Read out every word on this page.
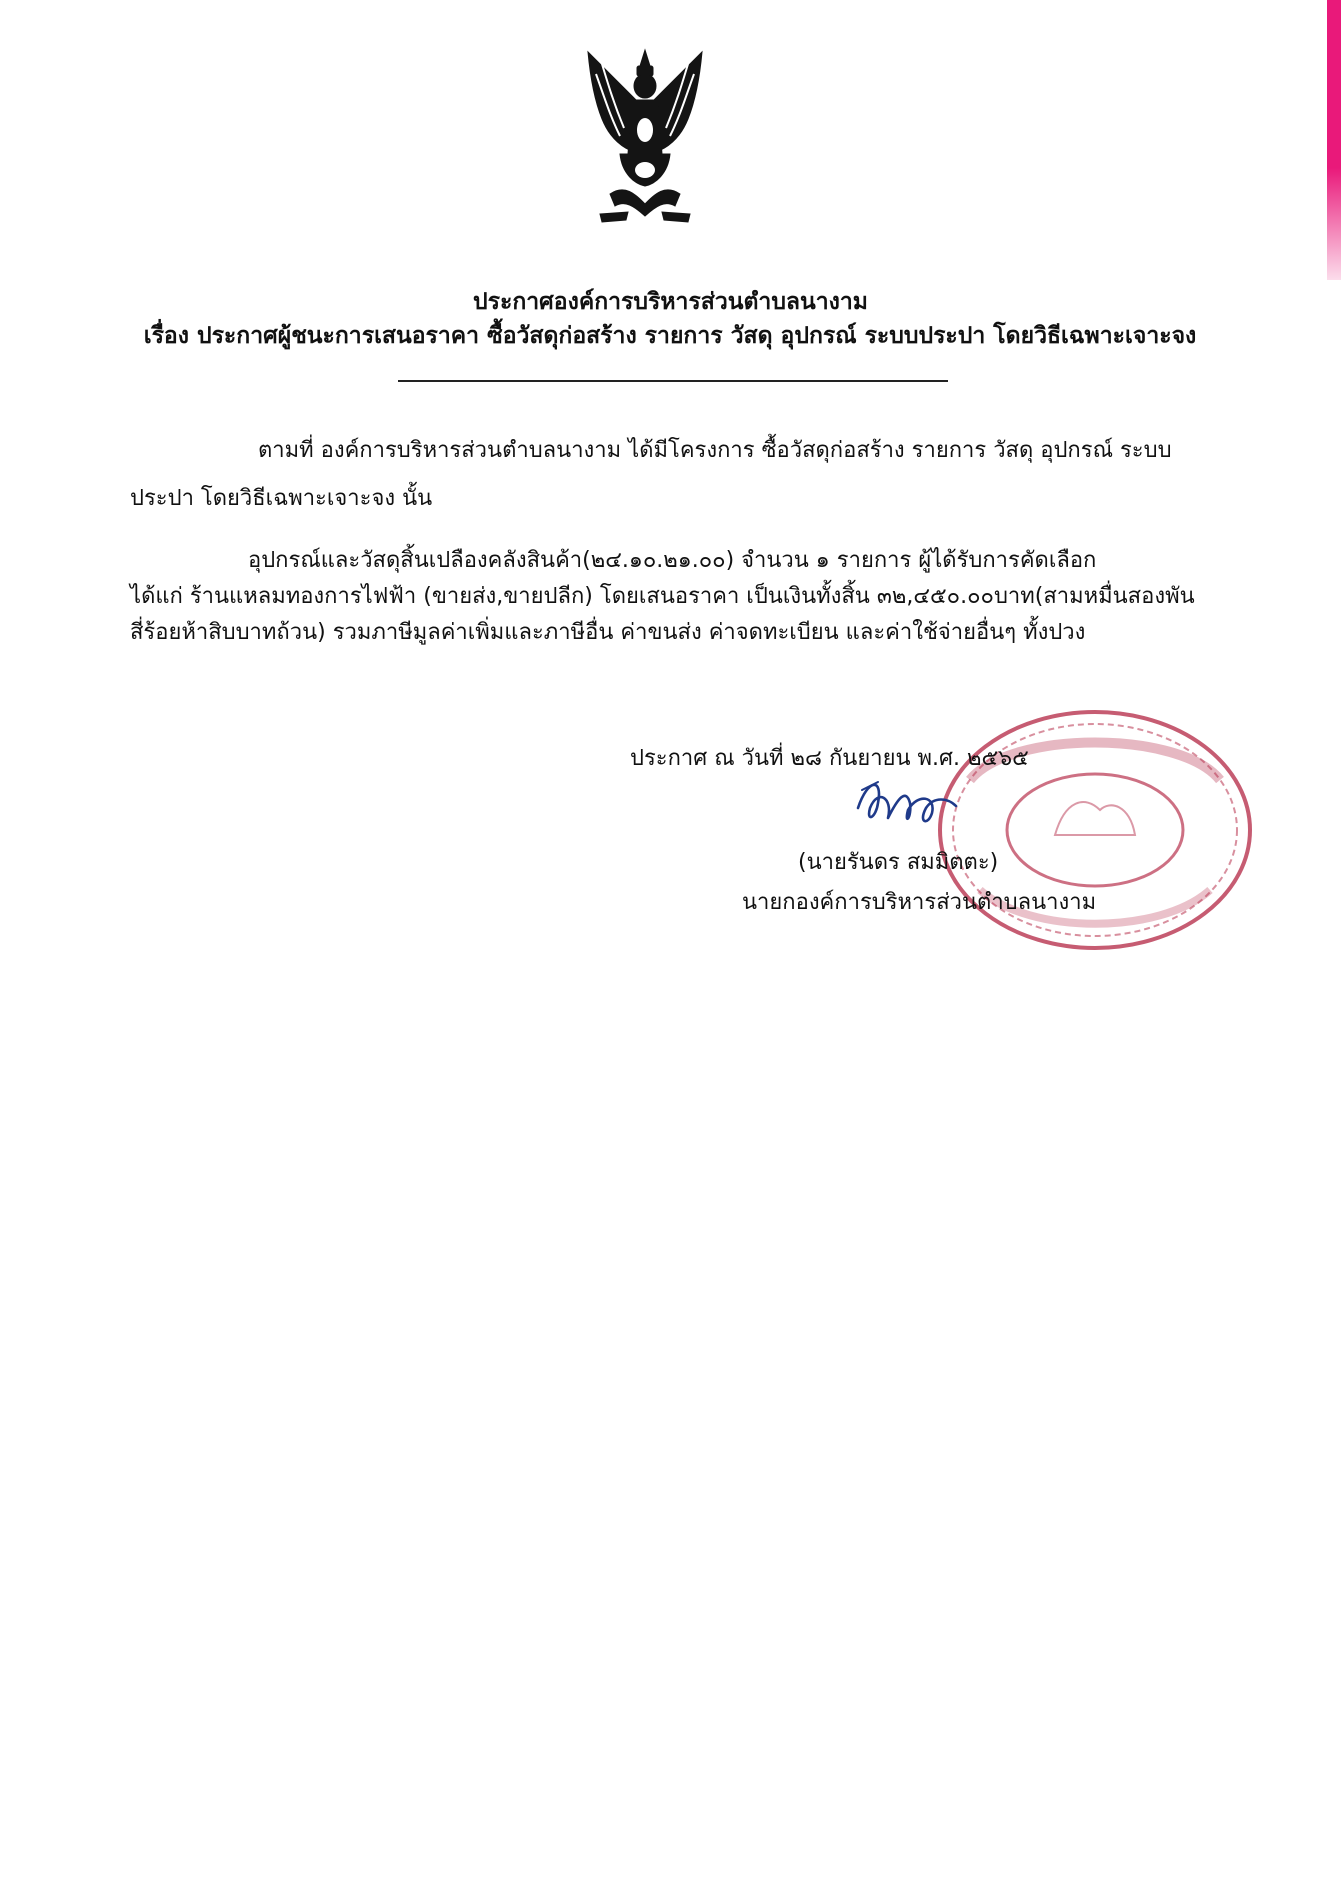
ประกาศองค์การบริหารส่วนตำบลนางาม
เรื่อง ประกาศผู้ชนะการเสนอราคา ซื้อวัสดุก่อสร้าง รายการ วัสดุ อุปกรณ์ ระบบประปา โดยวิธีเฉพาะเจาะจง
ตามที่ องค์การบริหารส่วนตำบลนางาม ได้มีโครงการ ซื้อวัสดุก่อสร้าง รายการ วัสดุ อุปกรณ์ ระบบ
ประปา โดยวิธีเฉพาะเจาะจง นั้น
อุปกรณ์และวัสดุสิ้นเปลืองคลังสินค้า(๒๔.๑๐.๒๑.๐๐) จำนวน ๑ รายการ ผู้ได้รับการคัดเลือก
ได้แก่ ร้านแหลมทองการไฟฟ้า (ขายส่ง,ขายปลีก) โดยเสนอราคา เป็นเงินทั้งสิ้น ๓๒,๔๕๐.๐๐บาท(สามหมื่นสองพัน
สี่ร้อยห้าสิบบาทถ้วน) รวมภาษีมูลค่าเพิ่มและภาษีอื่น ค่าขนส่ง ค่าจดทะเบียน และค่าใช้จ่ายอื่นๆ ทั้งปวง
ประกาศ ณ วันที่ ๒๘ กันยายน พ.ศ. ๒๕๖๕
(นายรันดร สมมิตตะ)
นายกองค์การบริหารส่วนตำบลนางาม
